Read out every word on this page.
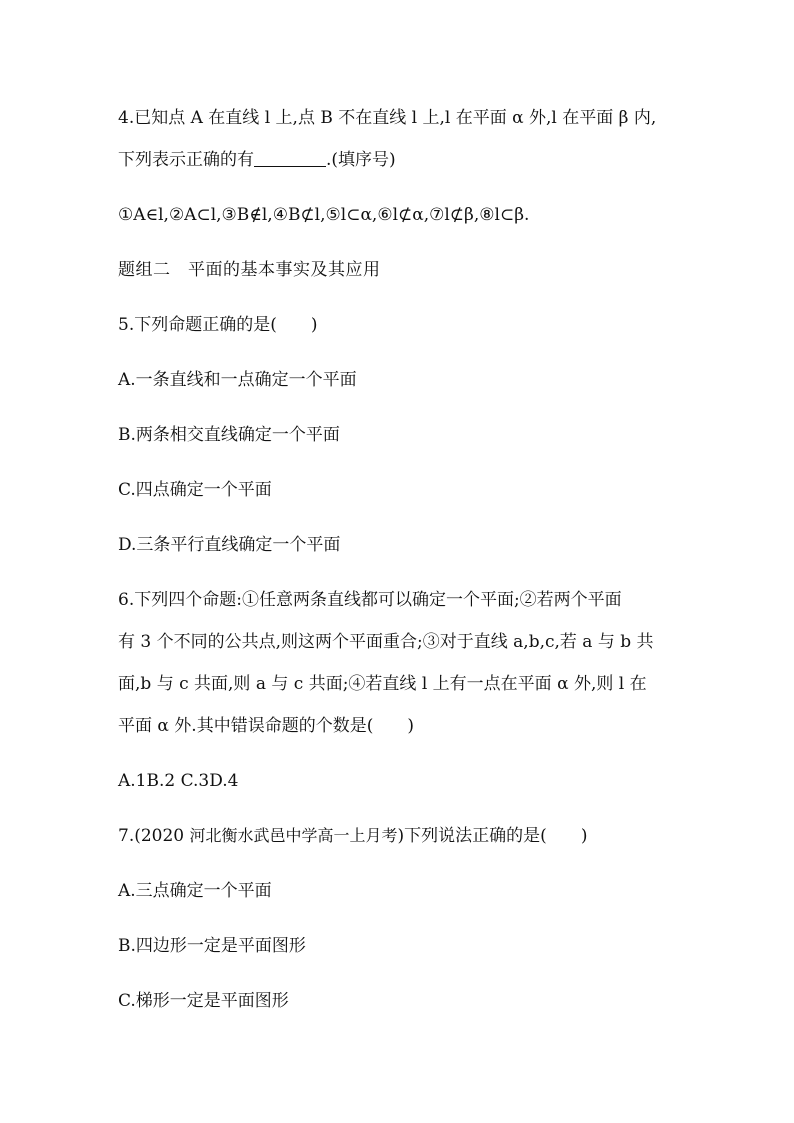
4.已知点 A 在直线 l 上,点 B 不在直线 l 上,l 在平面 α 外,l 在平面 β 内,
下列表示正确的有	.(填序号)
①A∈l,②A⊂l,③B∉l,④B⊄l,⑤l⊂α,⑥l⊄α,⑦l⊄β,⑧l⊂β.
题组二　平面的基本事实及其应用
5.下列命题正确的是( )
A.一条直线和一点确定一个平面
B.两条相交直线确定一个平面
C.四点确定一个平面
D.三条平行直线确定一个平面
6.下列四个命题:①任意两条直线都可以确定一个平面;②若两个平面
有 3 个不同的公共点,则这两个平面重合;③对于直线 a,b,c,若 a 与 b 共
面,b 与 c 共面,则 a 与 c 共面;④若直线 l 上有一点在平面 α 外,则 l 在
平面 α 外.其中错误命题的个数是( )
A.1B.2 C.3D.4
7.(2020 河北衡水武邑中学高一上月考)下列说法正确的是( )
A.三点确定一个平面
B.四边形一定是平面图形
C.梯形一定是平面图形
